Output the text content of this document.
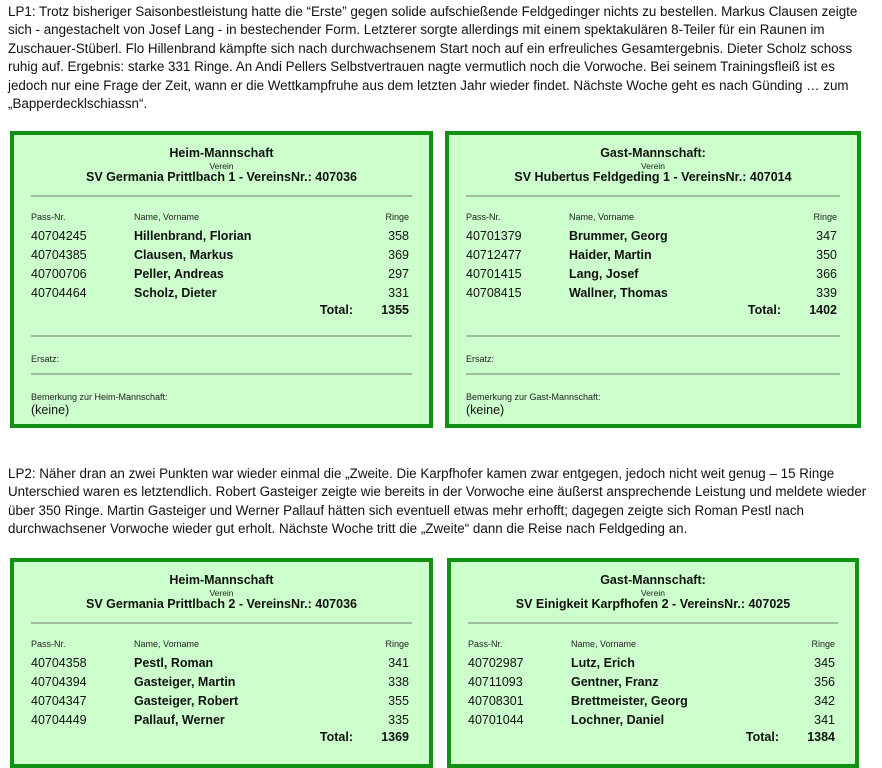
LP1: Trotz bisheriger Saisonbestleistung hatte die “Erste” gegen solide aufschießende Feldgedinger nichts zu bestellen. Markus Clausen zeigte sich - angestachelt von Josef Lang - in bestechender Form. Letzterer sorgte allerdings mit einem spektakulären 8-Teiler für ein Raunen im Zuschauer-Stüberl. Flo Hillenbrand kämpfte sich nach durchwachsenem Start noch auf ein erfreuliches Gesamtergebnis. Dieter Scholz schoss ruhig auf. Ergebnis: starke 331 Ringe. An Andi Pellers Selbstvertrauen nagte vermutlich noch die Vorwoche. Bei seinem Trainingsfleiß ist es jedoch nur eine Frage der Zeit, wann er die Wettkampfruhe aus dem letzten Jahr wieder findet. Nächste Woche geht es nach Günding … zum „Bapperdecklschiassn“.
Heim-Mannschaft
Verein
SV Germania Prittlbach 1 - VereinsNr.: 407036
Pass-Nr.	Name, Vorname	Ringe
40704245	Hillenbrand, Florian	358
40704385	Clausen, Markus	369
40700706	Peller, Andreas	297
40704464	Scholz, Dieter	331
Total: 1355
Ersatz:
Bemerkung zur Heim-Mannschaft:
(keine)
Gast-Mannschaft:
Verein
SV Hubertus Feldgeding 1 - VereinsNr.: 407014
Pass-Nr.	Name, Vorname	Ringe
40701379	Brummer, Georg	347
40712477	Haider, Martin	350
40701415	Lang, Josef	366
40708415	Wallner, Thomas	339
Total: 1402
Ersatz:
Bemerkung zur Gast-Mannschaft:
(keine)
LP2: Näher dran an zwei Punkten war wieder einmal die „Zweite. Die Karpfhofer kamen zwar entgegen, jedoch nicht weit genug – 15 Ringe Unterschied waren es letztendlich. Robert Gasteiger zeigte wie bereits in der Vorwoche eine äußerst ansprechende Leistung und meldete wieder über 350 Ringe. Martin Gasteiger und Werner Pallauf hätten sich eventuell etwas mehr erhofft; dagegen zeigte sich Roman Pestl nach durchwachsener Vorwoche wieder gut erholt. Nächste Woche tritt die „Zweite“ dann die Reise nach Feldgeding an.
Heim-Mannschaft
Verein
SV Germania Prittlbach 2 - VereinsNr.: 407036
Pass-Nr.	Name, Vorname	Ringe
40704358	Pestl, Roman	341
40704394	Gasteiger, Martin	338
40704347	Gasteiger, Robert	355
40704449	Pallauf, Werner	335
Total: 1369
Gast-Mannschaft:
Verein
SV Einigkeit Karpfhofen 2 - VereinsNr.: 407025
Pass-Nr.	Name, Vorname	Ringe
40702987	Lutz, Erich	345
40711093	Gentner, Franz	356
40708301	Brettmeister, Georg	342
40701044	Lochner, Daniel	341
Total: 1384
